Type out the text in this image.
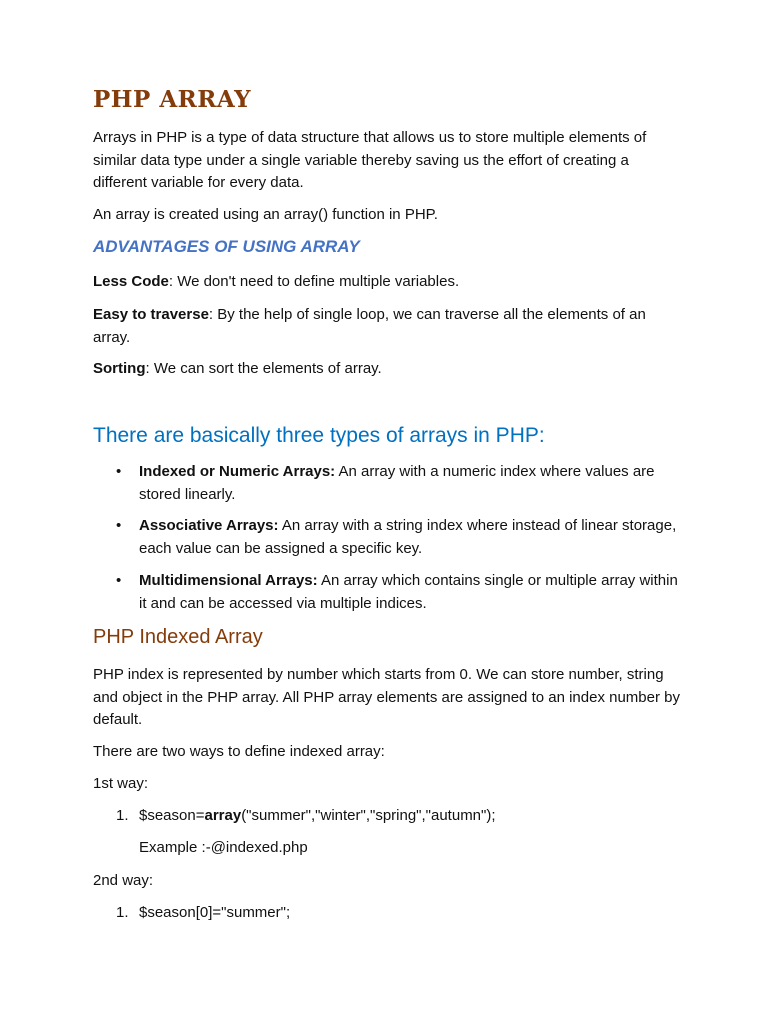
PHP ARRAY

Arrays in PHP is a type of data structure that allows us to store multiple elements of similar data type under a single variable thereby saving us the effort of creating a different variable for every data.

An array is created using an array() function in PHP.

ADVANTAGES OF USING ARRAY

Less Code: We don't need to define multiple variables.

Easy to traverse: By the help of single loop, we can traverse all the elements of an array.

Sorting: We can sort the elements of array.

There are basically three types of arrays in PHP:
• Indexed or Numeric Arrays: An array with a numeric index where values are stored linearly.

• Associative Arrays: An array with a string index where instead of linear storage, each value can be assigned a specific key.

• Multidimensional Arrays: An array which contains single or multiple array within it and can be accessed via multiple indices.

PHP Indexed Array

PHP index is represented by number which starts from 0. We can store number, string and object in the PHP array. All PHP array elements are assigned to an index number by default.

There are two ways to define indexed array:

1st way:

1. $season=array("summer","winter","spring","autumn");

Example :-@indexed.php

2nd way:

1. $season[0]="summer";
